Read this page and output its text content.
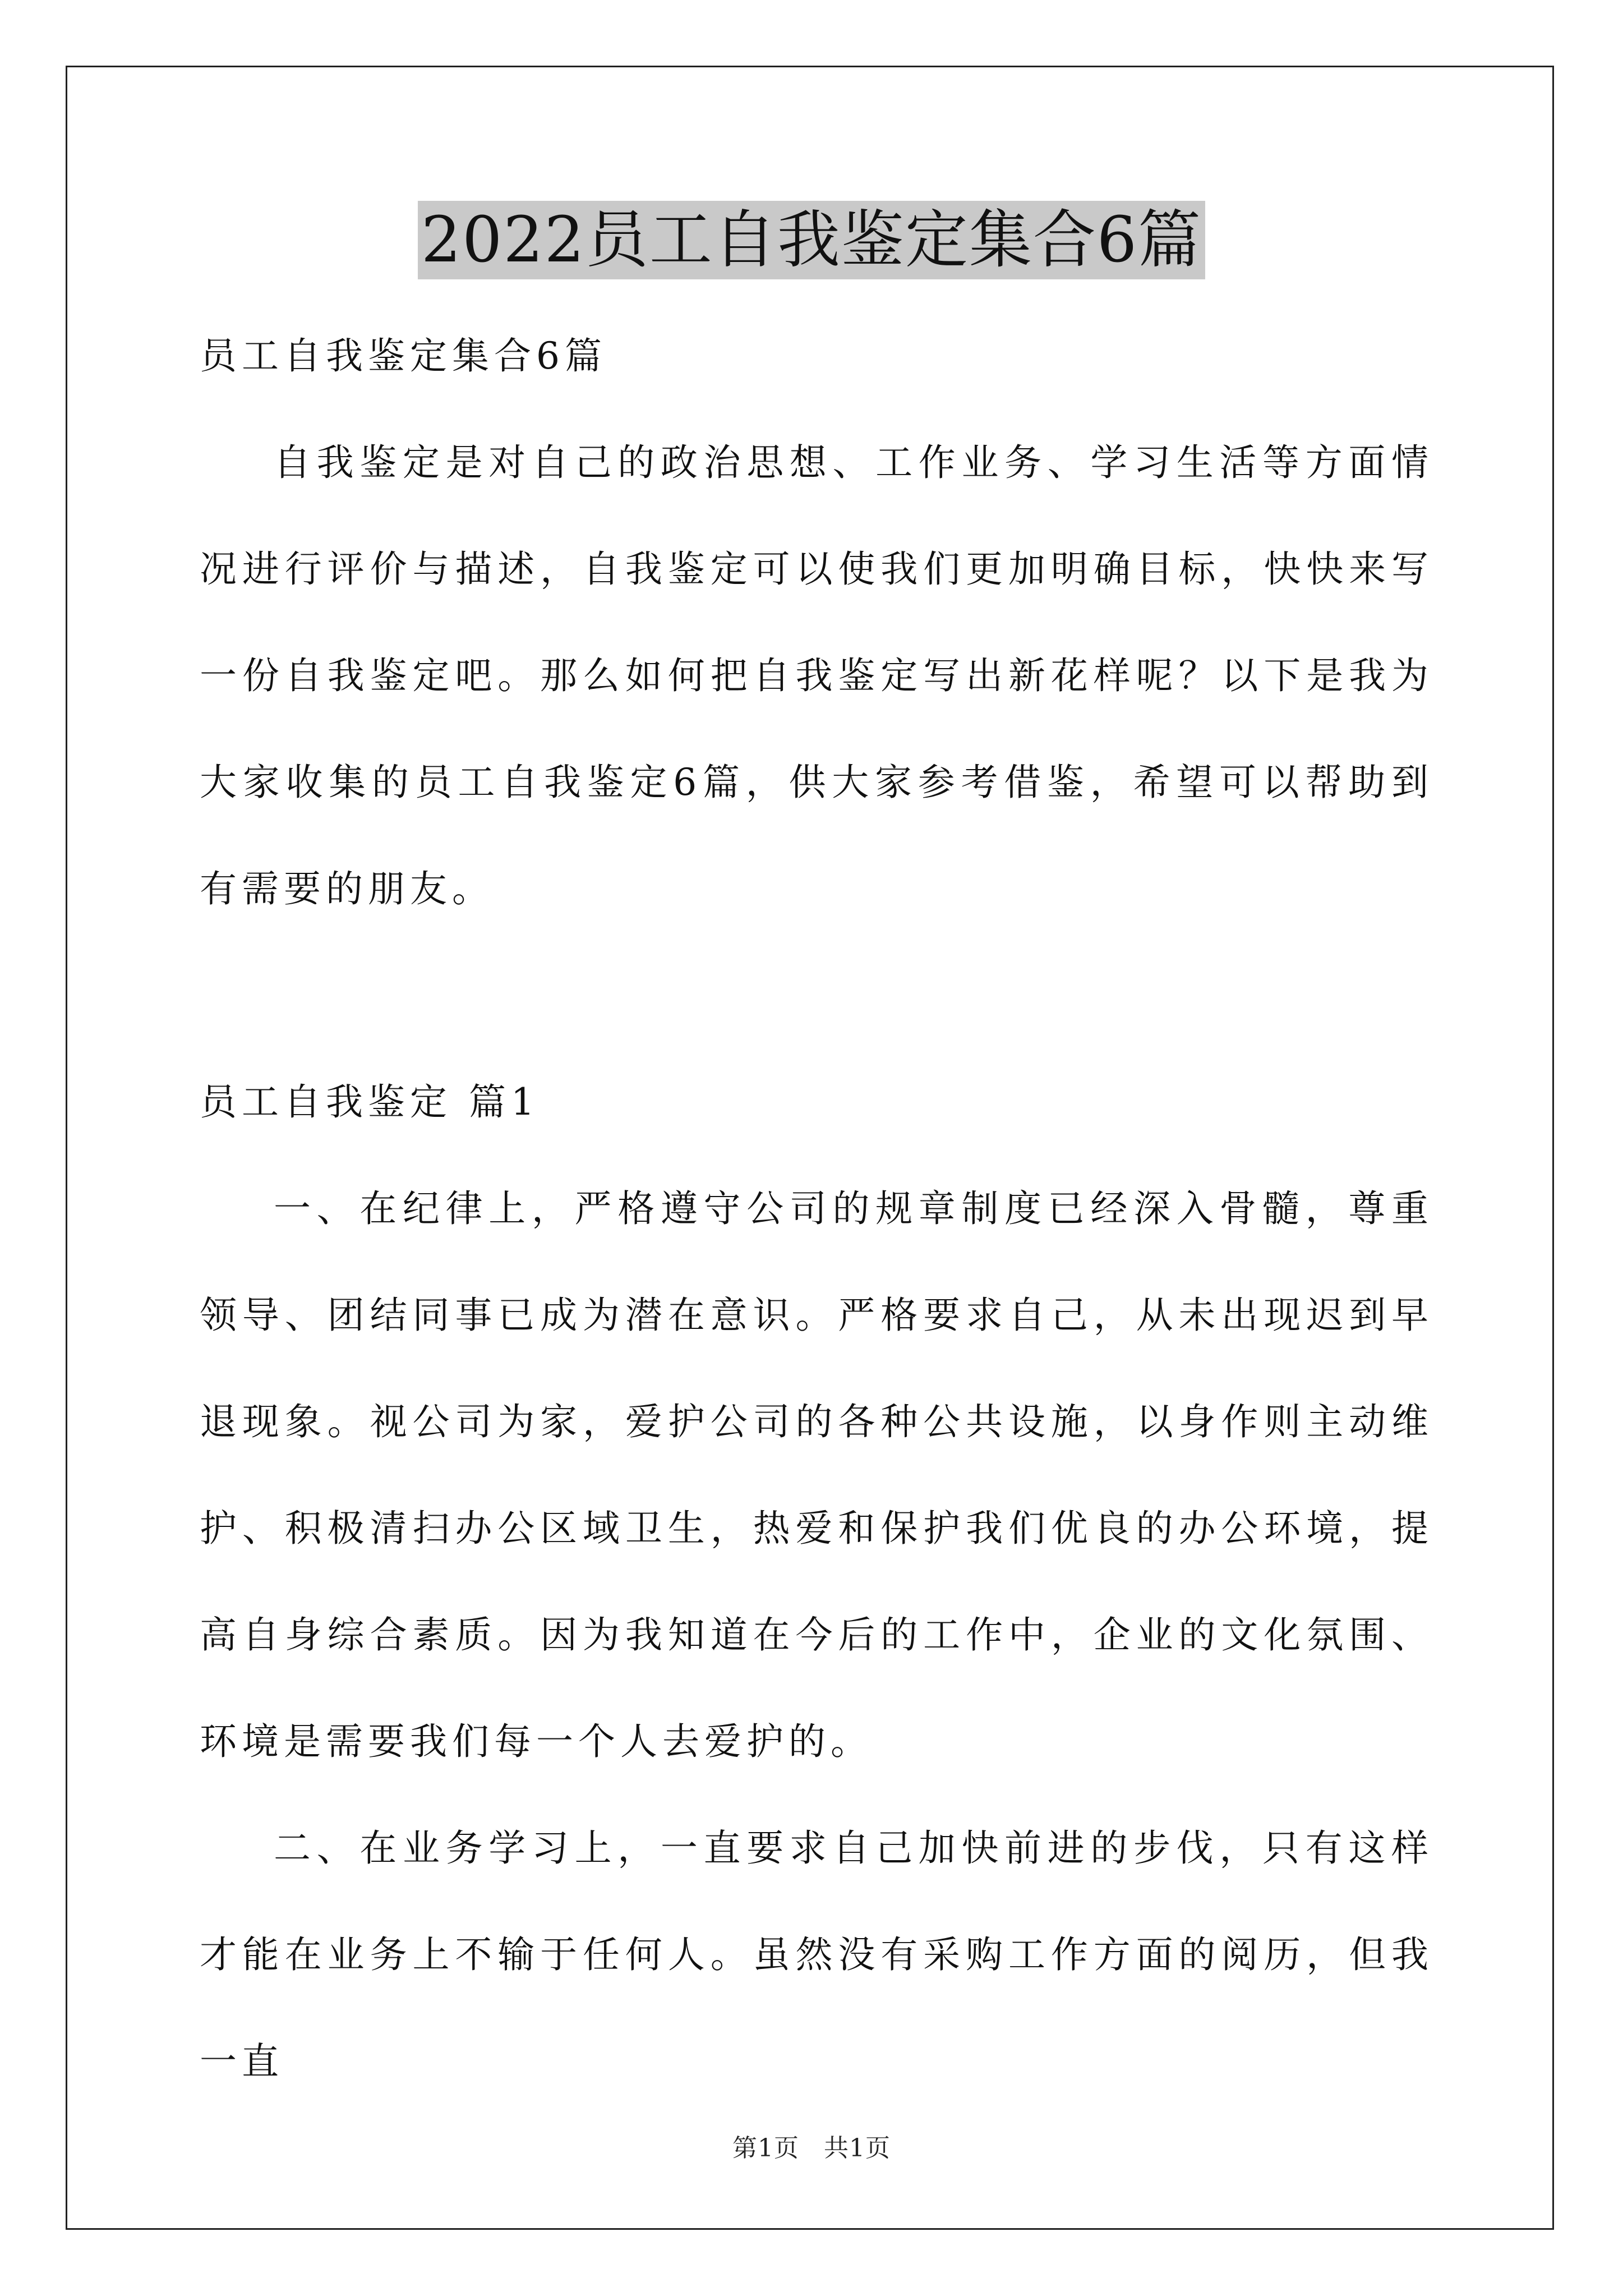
2022员工自我鉴定集合6篇

员工自我鉴定集合6篇

自我鉴定是对自己的政治思想、工作业务、学习生活等方面情况进行评价与描述，自我鉴定可以使我们更加明确目标，快快来写一份自我鉴定吧。那么如何把自我鉴定写出新花样呢？以下是我为大家收集的员工自我鉴定6篇，供大家参考借鉴，希望可以帮助到有需要的朋友。

员工自我鉴定 篇1

一、在纪律上，严格遵守公司的规章制度已经深入骨髓，尊重领导、团结同事已成为潜在意识。严格要求自己，从未出现迟到早退现象。视公司为家，爱护公司的各种公共设施，以身作则主动维护、积极清扫办公区域卫生，热爱和保护我们优良的办公环境，提高自身综合素质。因为我知道在今后的工作中，企业的文化氛围、环境是需要我们每一个人去爱护的。

二、在业务学习上，一直要求自己加快前进的步伐，只有这样才能在业务上不输于任何人。虽然没有采购工作方面的阅历，但我一直

第1页 共1页
